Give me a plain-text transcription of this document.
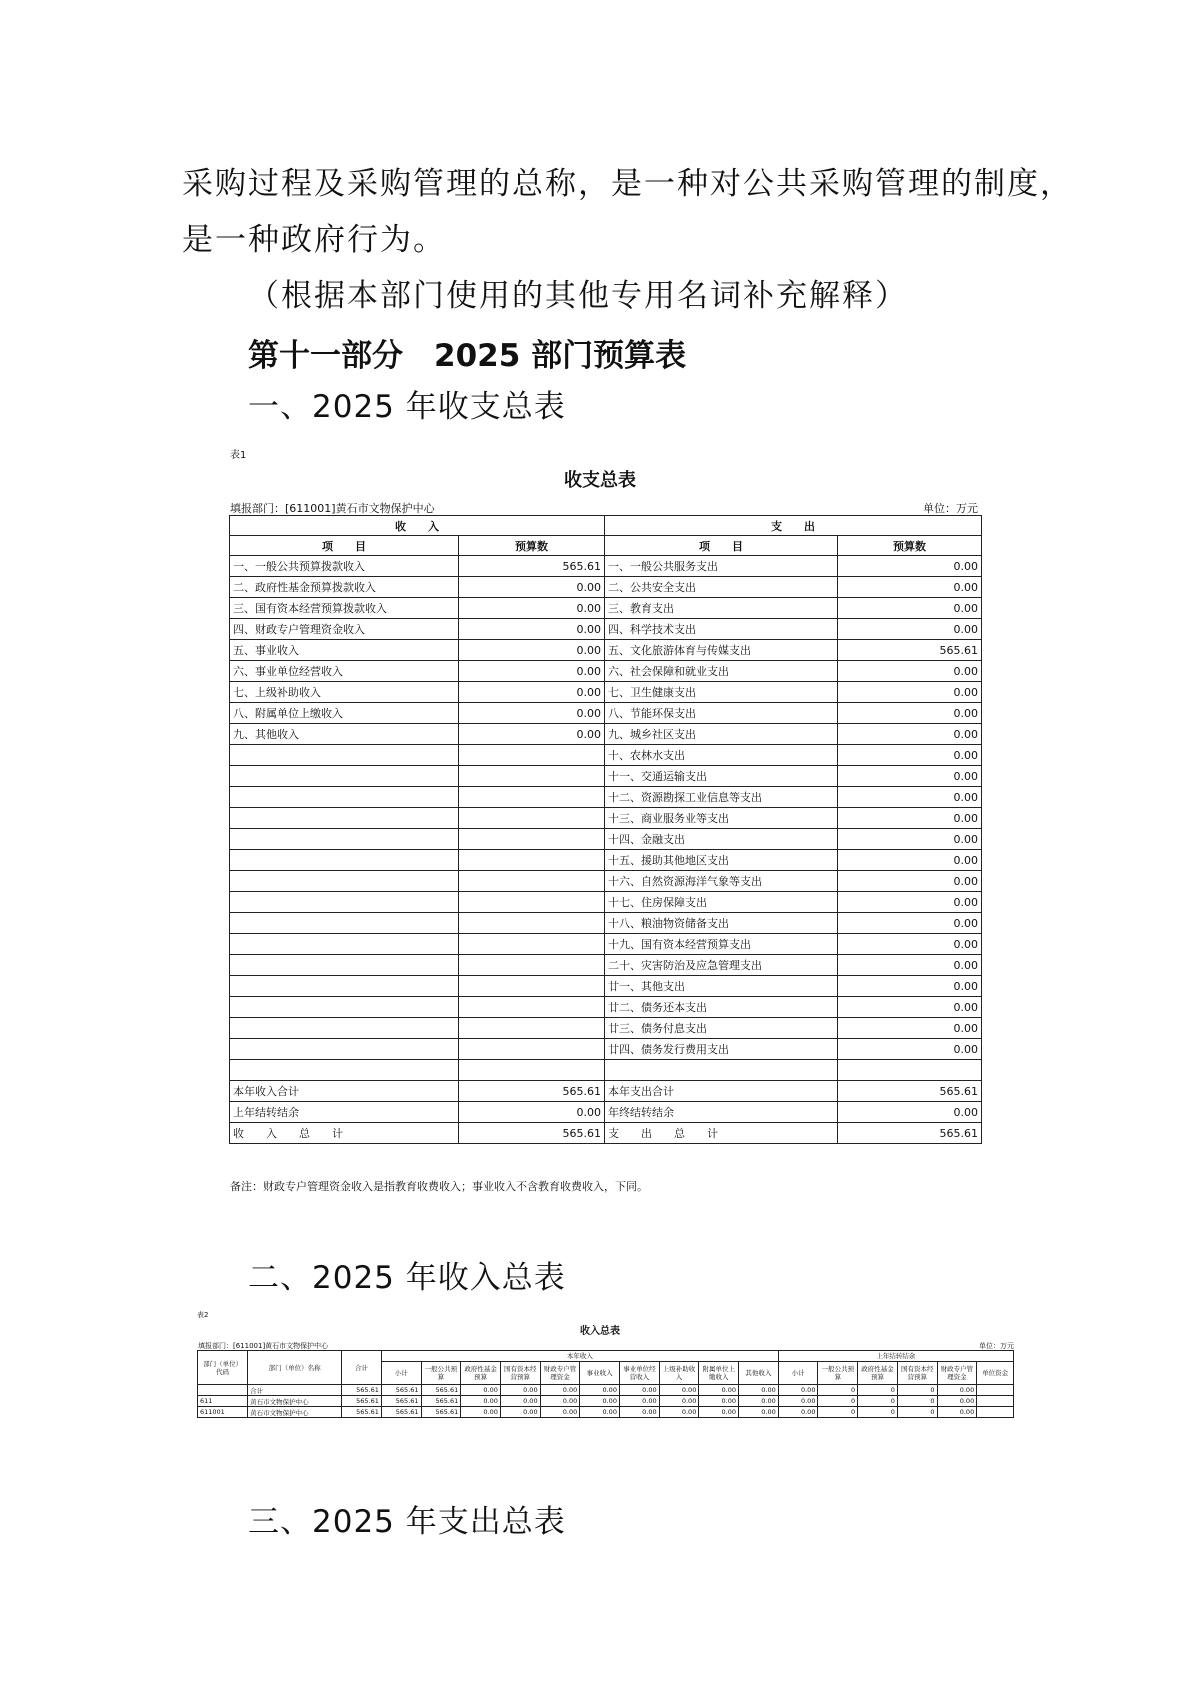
采购过程及采购管理的总称，是一种对公共采购管理的制度，
是一种政府行为。
（根据本部门使用的其他专用名词补充解释）
第十一部分　2025 部门预算表
一、2025 年收支总表
表1
收支总表
填报部门：[611001]黄石市文物保护中心	单位：万元
收　　入		支　　出	
项　　目	预算数	项　　目	预算数
一、一般公共预算拨款收入	565.61	一、一般公共服务支出	0.00
二、政府性基金预算拨款收入	0.00	二、公共安全支出	0.00
三、国有资本经营预算拨款收入	0.00	三、教育支出	0.00
四、财政专户管理资金收入	0.00	四、科学技术支出	0.00
五、事业收入	0.00	五、文化旅游体育与传媒支出	565.61
六、事业单位经营收入	0.00	六、社会保障和就业支出	0.00
七、上级补助收入	0.00	七、卫生健康支出	0.00
八、附属单位上缴收入	0.00	八、节能环保支出	0.00
九、其他收入	0.00	九、城乡社区支出	0.00
		十、农林水支出	0.00
		十一、交通运输支出	0.00
		十二、资源勘探工业信息等支出	0.00
		十三、商业服务业等支出	0.00
		十四、金融支出	0.00
		十五、援助其他地区支出	0.00
		十六、自然资源海洋气象等支出	0.00
		十七、住房保障支出	0.00
		十八、粮油物资储备支出	0.00
		十九、国有资本经营预算支出	0.00
		二十、灾害防治及应急管理支出	0.00
		廿一、其他支出	0.00
		廿二、债务还本支出	0.00
		廿三、债务付息支出	0.00
		廿四、债务发行费用支出	0.00

本年收入合计	565.61	本年支出合计	565.61
上年结转结余	0.00	年终结转结余	0.00
收　　入　　总　　计	565.61	支　　出　　总　　计	565.61
备注：财政专户管理资金收入是指教育收费收入；事业收入不含教育收费收入，下同。
二、2025 年收入总表
表2
收入总表
填报部门：[611001]黄石市文物保护中心	单位：万元
部门（单位）代码	部门（单位）名称	合计	本年收入										上年结转结余					
			小计	一般公共预算	政府性基金预算	国有资本经营预算	财政专户管理资金	事业收入	事业单位经营收入	上级补助收入	附属单位上缴收入	其他收入	小计	一般公共预算	政府性基金预算	国有资本经营预算	财政专户管理资金	单位资金
	合计	565.61	565.61	565.61	0.00	0.00	0.00	0.00	0.00	0.00	0.00	0.00	0.00	0	0	0	0.00	
611	黄石市文物保护中心	565.61	565.61	565.61	0.00	0.00	0.00	0.00	0.00	0.00	0.00	0.00	0.00	0	0	0	0.00	
611001	黄石市文物保护中心	565.61	565.61	565.61	0.00	0.00	0.00	0.00	0.00	0.00	0.00	0.00	0.00	0	0	0	0.00	
三、2025 年支出总表
